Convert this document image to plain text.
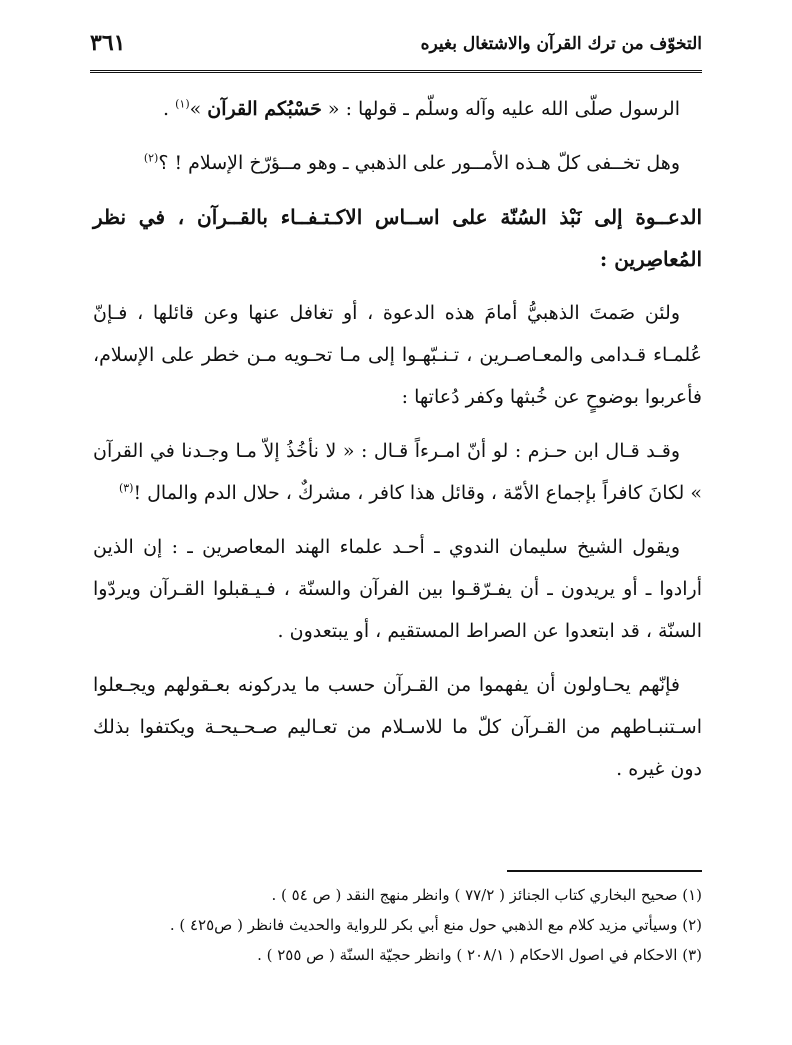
التخوّف من ترك القرآن والاشتغال بغيره
٣٦١

الرسول صلّى الله عليه وآله وسلّم ـ قولها : « حَسْبُكم القرآن »$^{(١)}$ .

وهل تخــفى كلّ هـذه الأمــور على الذهبي ـ وهو مــؤرّخ الإسلام ! ؟$^{(٢)}$

الدعــوة إلى نَبْذ السُنّة على اســاس الاكـتـفــاء بالقــرآن ، في نظر المُعاصِرين :

ولئن صَمتَ الذهبيُّ أمامَ هذه الدعوة ، أو تغافل عنها وعن قائلها ، فـإنّ عُلمـاء قـدامى والمعـاصـرين ، تـنـبّهـوا إلى مـا تحـويه مـن خطر على الإسلام، فأعربوا بوضوحٍ عن خُبثها وكفر دُعاتها :

وقـد قـال ابن حـزم : لو أنّ امـرءاً قـال : « لا نأخُذُ إلاّ مـا وجـدنا في القرآن » لكانَ كافراً بإجماع الأمّة ، وقائل هذا كافر ، مشركٌ ، حلال الدم والمال !$^{(٣)}$

ويقول الشيخ سليمان الندوي ـ أحـد علماء الهند المعاصرين ـ : إن الذين أرادوا ـ أو يريدون ـ أن يفـرّقـوا بين الفرآن والسنّة ، فـيـقبلوا القـرآن ويردّوا السنّة ، قد ابتعدوا عن الصراط المستقيم ، أو يبتعدون .

فإنّهم يحـاولون أن يفهموا من القـرآن حسب ما يدركونه بعـقولهم ويجـعلوا اسـتنبـاطهم من القـرآن كلّ ما للاسـلام من تعـاليم صـحـيحـة ويكتفوا بذلك دون غيره .

(١) صحيح البخاري كتاب الجنائز ( ٧٧/٢ ) وانظر منهج النقد ( ص ٥٤ ) .
(٢) وسيأتي مزيد كلام مع الذهبي حول منع أبي بكر للرواية والحديث فانظر ( ص٤٢٥ ) .
(٣) الاحكام في اصول الاحكام ( ٢٠٨/١ ) وانظر حجيّة السنّة ( ص ٢٥٥ ) .
